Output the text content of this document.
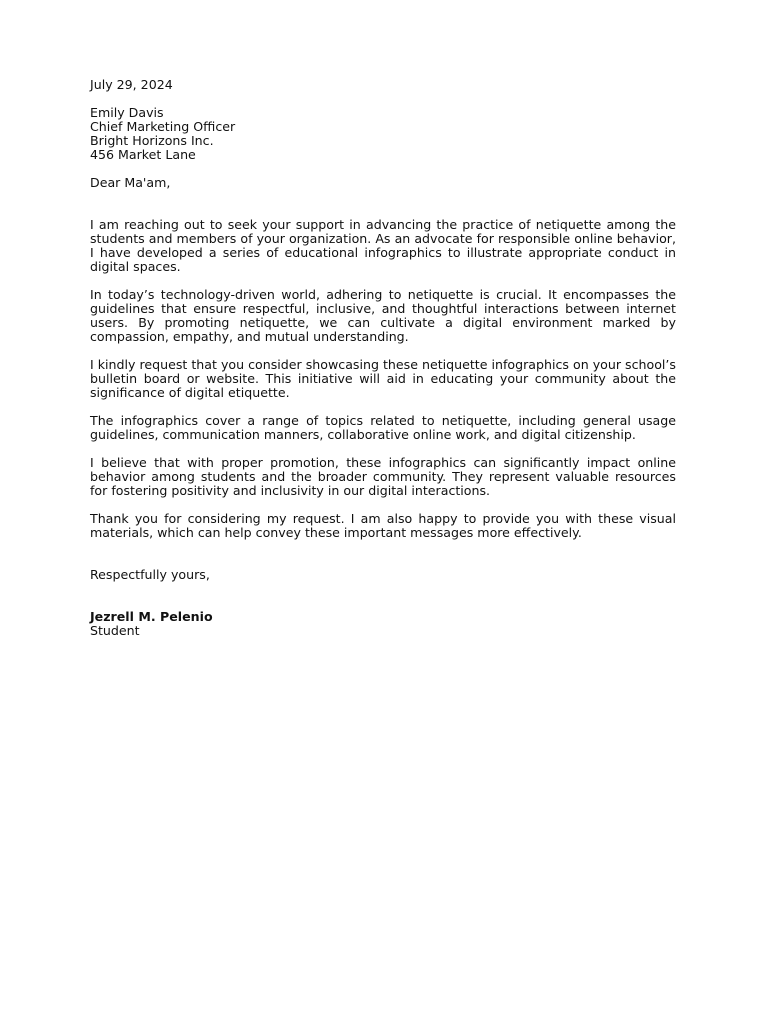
July 29, 2024
Emily Davis
Chief Marketing Officer
Bright Horizons Inc.
456 Market Lane
Dear Ma'am,

I am reaching out to seek your support in advancing the practice of netiquette among the students and members of your organization. As an advocate for responsible online behavior, I have developed a series of educational infographics to illustrate appropriate conduct in digital spaces.

In today’s technology-driven world, adhering to netiquette is crucial. It encompasses the guidelines that ensure respectful, inclusive, and thoughtful interactions between internet users. By promoting netiquette, we can cultivate a digital environment marked by compassion, empathy, and mutual understanding.

I kindly request that you consider showcasing these netiquette infographics on your school’s bulletin board or website. This initiative will aid in educating your community about the significance of digital etiquette.

The infographics cover a range of topics related to netiquette, including general usage guidelines, communication manners, collaborative online work, and digital citizenship.

I believe that with proper promotion, these infographics can significantly impact online behavior among students and the broader community. They represent valuable resources for fostering positivity and inclusivity in our digital interactions.

Thank you for considering my request. I am also happy to provide you with these visual materials, which can help convey these important messages more effectively.

Respectfully yours,
Jezrell M. Pelenio
Student
